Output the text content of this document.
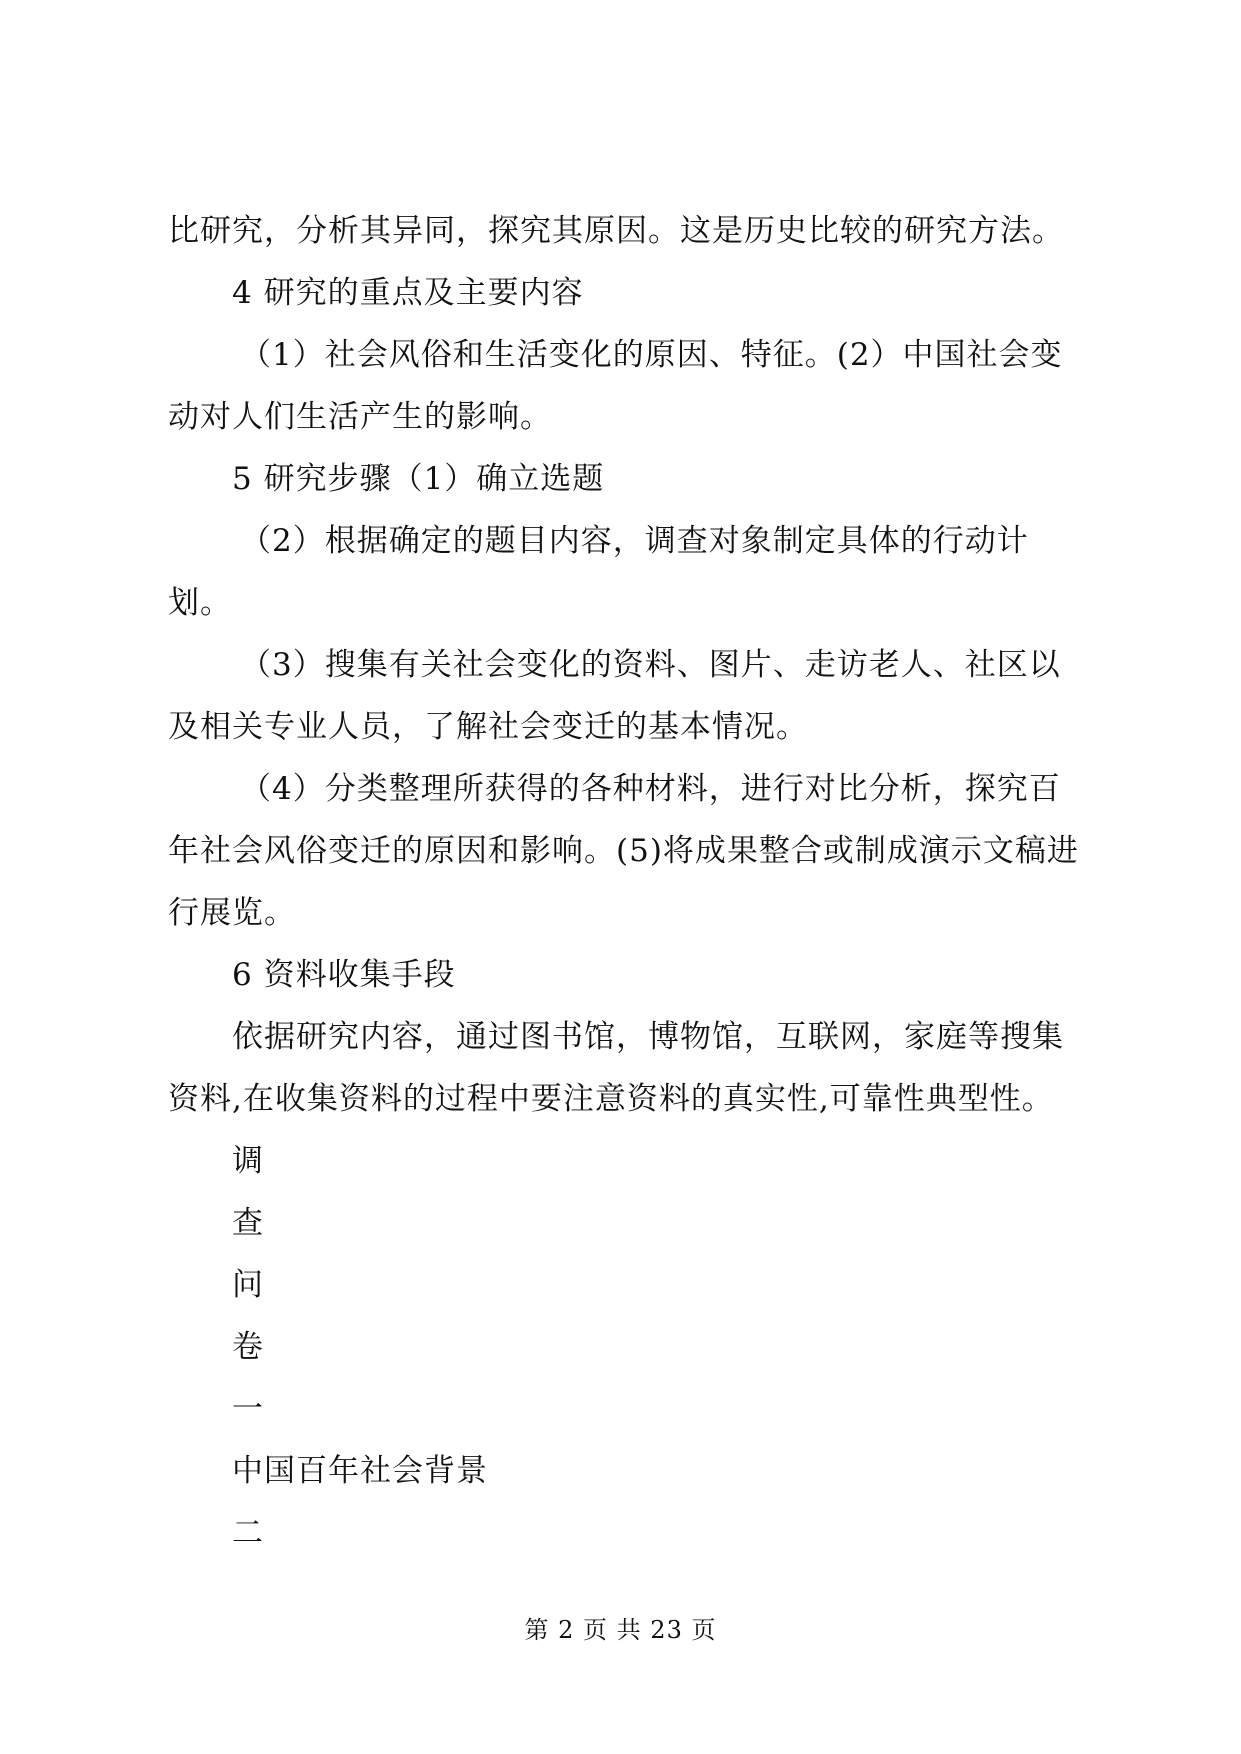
比研究，分析其异同，探究其原因。这是历史比较的研究方法。

4 研究的重点及主要内容

（1）社会风俗和生活变化的原因、特征。(2）中国社会变动对人们生活产生的影响。

5 研究步骤（1）确立选题

（2）根据确定的题目内容，调查对象制定具体的行动计划。

（3）搜集有关社会变化的资料、图片、走访老人、社区以及相关专业人员，了解社会变迁的基本情况。

（4）分类整理所获得的各种材料，进行对比分析，探究百年社会风俗变迁的原因和影响。(5)将成果整合或制成演示文稿进行展览。

6 资料收集手段

依据研究内容，通过图书馆，博物馆，互联网，家庭等搜集资料,在收集资料的过程中要注意资料的真实性,可靠性典型性。

调

查

问

卷

一

中国百年社会背景

二

第 2 页 共 23 页
